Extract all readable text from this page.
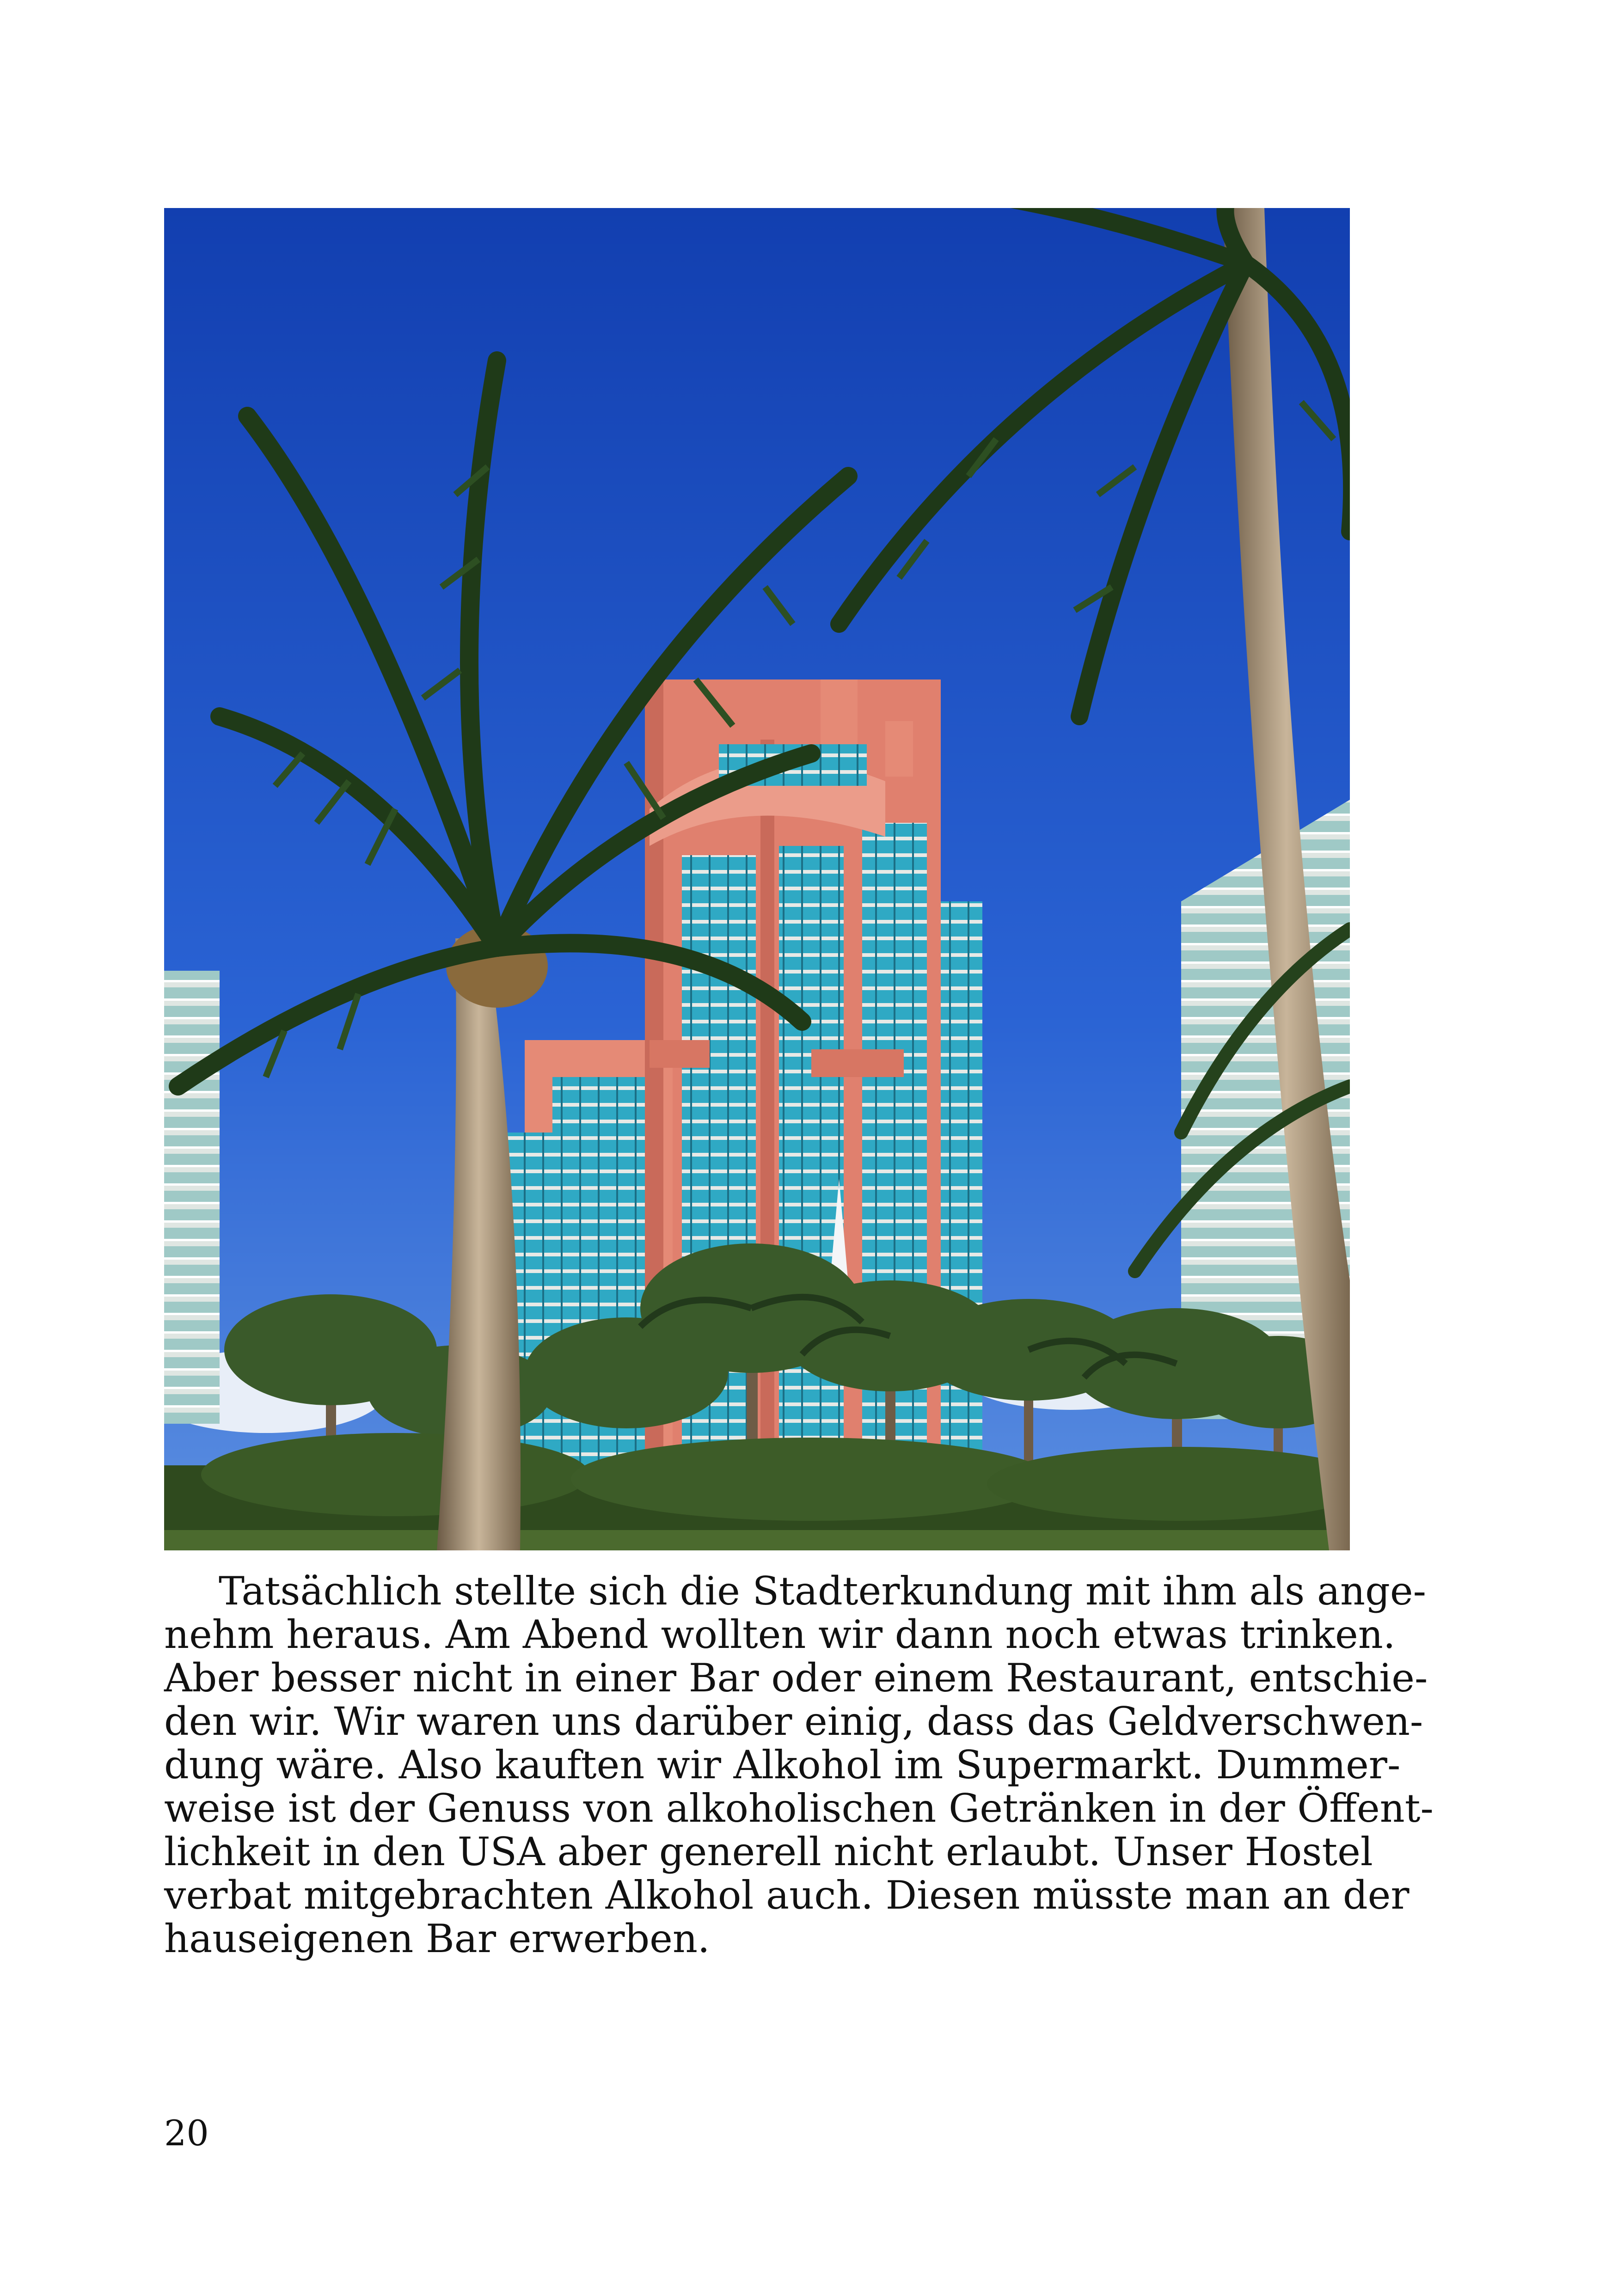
Tatsächlich stellte sich die Stadterkundung mit ihm als ange-
nehm heraus. Am Abend wollten wir dann noch etwas trinken.
Aber besser nicht in einer Bar oder einem Restaurant, entschie-
den wir. Wir waren uns darüber einig, dass das Geldverschwen-
dung wäre. Also kauften wir Alkohol im Supermarkt. Dummer-
weise ist der Genuss von alkoholischen Getränken in der Öffent-
lichkeit in den USA aber generell nicht erlaubt. Unser Hostel
verbat mitgebrachten Alkohol auch. Diesen müsste man an der
hauseigenen Bar erwerben.
20
